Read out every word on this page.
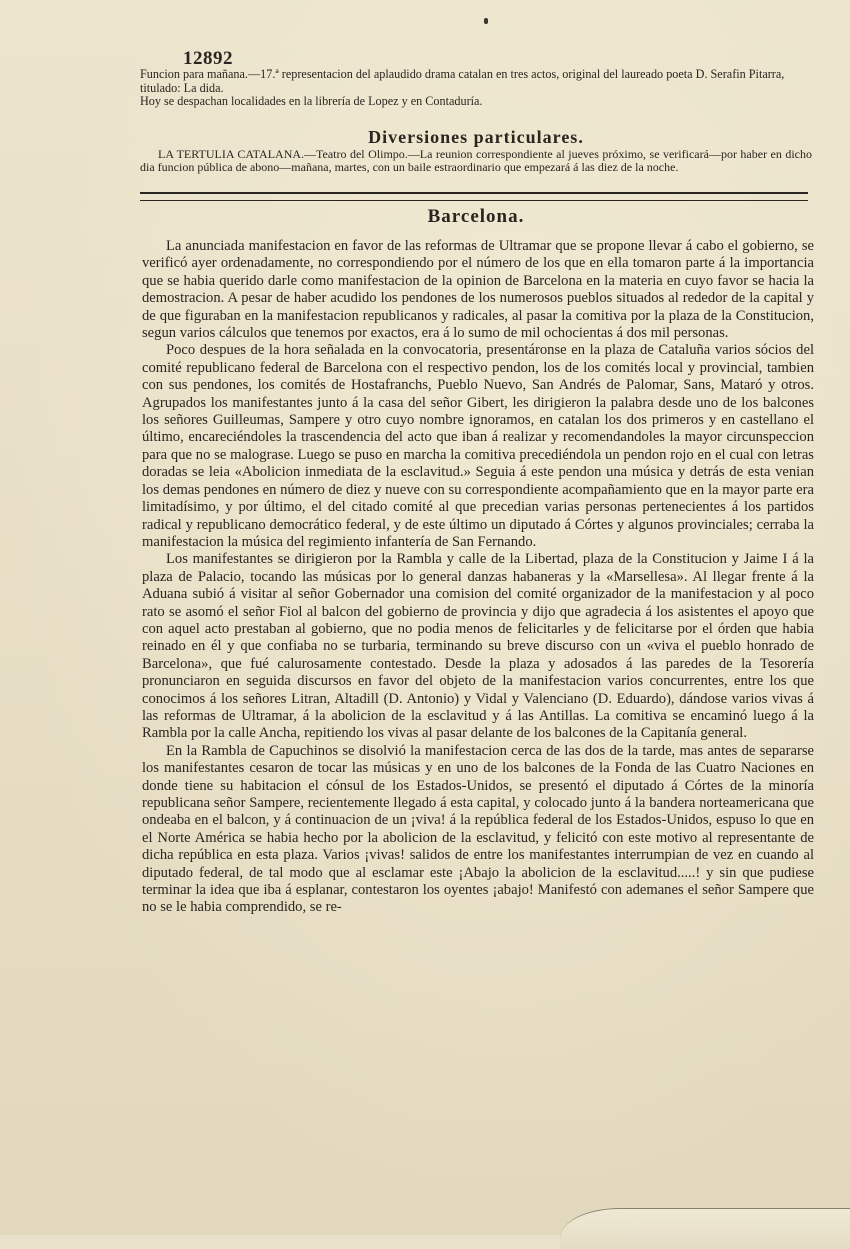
12892

Funcion para mañana.—17.ª representacion del aplaudido drama catalan en tres actos, original del laureado poeta D. Serafin Pitarra, titulado: La dida.

Hoy se despachan localidades en la librería de Lopez y en Contaduría.

Diversiones particulares.

LA TERTULIA CATALANA.—Teatro del Olimpo.—La reunion correspondiente al jueves próximo, se verificará—por haber en dicho dia funcion pública de abono—mañana, martes, con un baile estraordinario que empezará á las diez de la noche.

Barcelona.

La anunciada manifestacion en favor de las reformas de Ultramar que se propone llevar á cabo el gobierno, se verificó ayer ordenadamente, no correspondiendo por el número de los que en ella tomaron parte á la importancia que se habia querido darle como manifestacion de la opinion de Barcelona en la materia en cuyo favor se hacia la demostracion. A pesar de haber acudido los pendones de los numerosos pueblos situados al rededor de la capital y de que figuraban en la manifestacion republicanos y radicales, al pasar la comitiva por la plaza de la Constitucion, segun varios cálculos que tenemos por exactos, era á lo sumo de mil ochocientas á dos mil personas.

Poco despues de la hora señalada en la convocatoria, presentáronse en la plaza de Cataluña varios sócios del comité republicano federal de Barcelona con el respectivo pendon, los de los comités local y provincial, tambien con sus pendones, los comités de Hostafranchs, Pueblo Nuevo, San Andrés de Palomar, Sans, Mataró y otros. Agrupados los manifestantes junto á la casa del señor Gibert, les dirigieron la palabra desde uno de los balcones los señores Guilleumas, Sampere y otro cuyo nombre ignoramos, en catalan los dos primeros y en castellano el último, encareciéndoles la trascendencia del acto que iban á realizar y recomendandoles la mayor circunspeccion para que no se malograse. Luego se puso en marcha la comitiva precediéndola un pendon rojo en el cual con letras doradas se leia «Abolicion inmediata de la esclavitud.» Seguia á este pendon una música y detrás de esta venian los demas pendones en número de diez y nueve con su correspondiente acompañamiento que en la mayor parte era limitadísimo, y por último, el del citado comité al que precedian varias personas pertenecientes á los partidos radical y republicano democrático federal, y de este último un diputado á Córtes y algunos provinciales; cerraba la manifestacion la música del regimiento infantería de San Fernando.

Los manifestantes se dirigieron por la Rambla y calle de la Libertad, plaza de la Constitucion y Jaime I á la plaza de Palacio, tocando las músicas por lo general danzas habaneras y la «Marsellesa». Al llegar frente á la Aduana subió á visitar al señor Gobernador una comision del comité organizador de la manifestacion y al poco rato se asomó el señor Fiol al balcon del gobierno de provincia y dijo que agradecia á los asistentes el apoyo que con aquel acto prestaban al gobierno, que no podia menos de felicitarles y de felicitarse por el órden que habia reinado en él y que confiaba no se turbaria, terminando su breve discurso con un «viva el pueblo honrado de Barcelona», que fué calurosamente contestado. Desde la plaza y adosados á las paredes de la Tesorería pronunciaron en seguida discursos en favor del objeto de la manifestacion varios concurrentes, entre los que conocimos á los señores Litran, Altadill (D. Antonio) y Vidal y Valenciano (D. Eduardo), dándose varios vivas á las reformas de Ultramar, á la abolicion de la esclavitud y á las Antillas. La comitiva se encaminó luego á la Rambla por la calle Ancha, repitiendo los vivas al pasar delante de los balcones de la Capitanía general.

En la Rambla de Capuchinos se disolvió la manifestacion cerca de las dos de la tarde, mas antes de separarse los manifestantes cesaron de tocar las músicas y en uno de los balcones de la Fonda de las Cuatro Naciones en donde tiene su habitacion el cónsul de los Estados-Unidos, se presentó el diputado á Córtes de la minoría republicana señor Sampere, recientemente llegado á esta capital, y colocado junto á la bandera norteamericana que ondeaba en el balcon, y á continuacion de un ¡viva! á la república federal de los Estados-Unidos, espuso lo que en el Norte América se habia hecho por la abolicion de la esclavitud, y felicitó con este motivo al representante de dicha república en esta plaza. Varios ¡vivas! salidos de entre los manifestantes interrumpian de vez en cuando al diputado federal, de tal modo que al esclamar este ¡Abajo la abolicion de la esclavitud.....! y sin que pudiese terminar la idea que iba á esplanar, contestaron los oyentes ¡abajo! Manifestó con ademanes el señor Sampere que no se le habia comprendido, se re-
